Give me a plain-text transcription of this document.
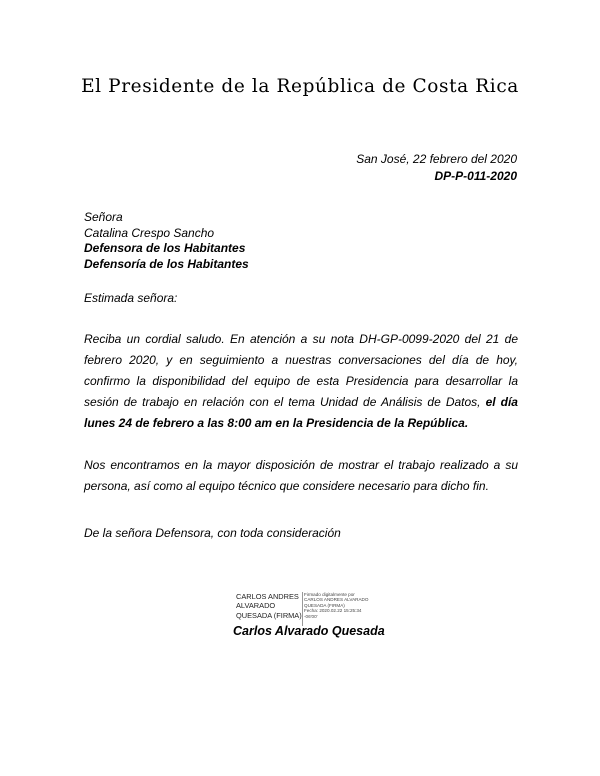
El Presidente de la República de Costa Rica
San José, 22 febrero del 2020
DP-P-011-2020
Señora
Catalina Crespo Sancho
Defensora de los Habitantes
Defensoría de los Habitantes
Estimada señora:
Reciba un cordial saludo. En atención a su nota DH-GP-0099-2020 del 21 de febrero 2020, y en seguimiento a nuestras conversaciones del día de hoy, confirmo la disponibilidad del equipo de esta Presidencia para desarrollar la sesión de trabajo en relación con el tema Unidad de Análisis de Datos, el día lunes 24 de febrero a las 8:00 am en la Presidencia de la República.
Nos encontramos en la mayor disposición de mostrar el trabajo realizado a su persona, así como al equipo técnico que considere necesario para dicho fin.
De la señora Defensora, con toda consideración
CARLOS ANDRES
ALVARADO
QUESADA (FIRMA)
Firmado digitalmente por
CARLOS ANDRES ALVARADO
QUESADA (FIRMA)
Fecha: 2020.02.22 15:25:34
-06'00'
Carlos Alvarado Quesada
